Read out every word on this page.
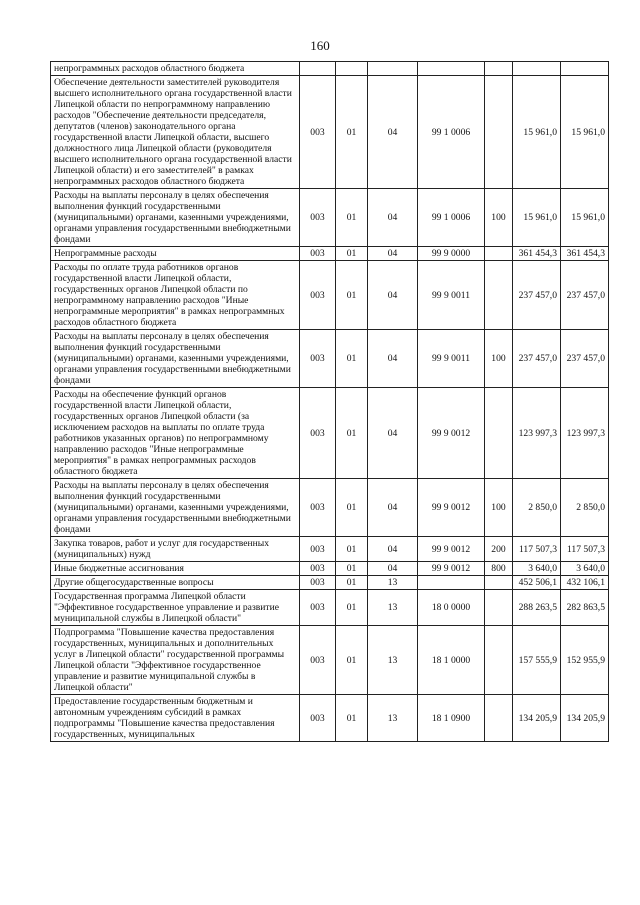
160
непрограммных расходов областного бюджета							
Обеспечение деятельности заместителей руководителя высшего исполнительного органа государственной власти Липецкой области по непрограммному направлению расходов "Обеспечение деятельности председателя, депутатов (членов) законодательного органа государственной власти Липецкой области, высшего должностного лица Липецкой области (руководителя высшего исполнительного органа государственной власти Липецкой области) и его заместителей" в рамках непрограммных расходов областного бюджета	003	01	04	99 1 0006		15 961,0	15 961,0
Расходы на выплаты персоналу в целях обеспечения выполнения функций государственными (муниципальными) органами, казенными учреждениями, органами управления государственными внебюджетными фондами	003	01	04	99 1 0006	100	15 961,0	15 961,0
Непрограммные расходы	003	01	04	99 9 0000		361 454,3	361 454,3
Расходы по оплате труда работников органов государственной власти Липецкой области, государственных органов Липецкой области по непрограммному направлению расходов "Иные непрограммные мероприятия" в рамках непрограммных расходов областного бюджета	003	01	04	99 9 0011		237 457,0	237 457,0
Расходы на выплаты персоналу в целях обеспечения выполнения функций государственными (муниципальными) органами, казенными учреждениями, органами управления государственными внебюджетными фондами	003	01	04	99 9 0011	100	237 457,0	237 457,0
Расходы на обеспечение функций органов государственной власти Липецкой области, государственных органов Липецкой области (за исключением расходов на выплаты по оплате труда работников указанных органов) по непрограммному направлению расходов "Иные непрограммные мероприятия" в рамках непрограммных расходов областного бюджета	003	01	04	99 9 0012		123 997,3	123 997,3
Расходы на выплаты персоналу в целях обеспечения выполнения функций государственными (муниципальными) органами, казенными учреждениями, органами управления государственными внебюджетными фондами	003	01	04	99 9 0012	100	2 850,0	2 850,0
Закупка товаров, работ и услуг для государственных (муниципальных) нужд	003	01	04	99 9 0012	200	117 507,3	117 507,3
Иные бюджетные ассигнования	003	01	04	99 9 0012	800	3 640,0	3 640,0
Другие общегосударственные вопросы	003	01	13			452 506,1	432 106,1
Государственная программа Липецкой области "Эффективное государственное управление и развитие муниципальной службы в Липецкой области"	003	01	13	18 0 0000		288 263,5	282 863,5
Подпрограмма "Повышение качества предоставления государственных, муниципальных и дополнительных услуг в Липецкой области" государственной программы Липецкой области "Эффективное государственное управление и развитие муниципальной службы в Липецкой области"	003	01	13	18 1 0000		157 555,9	152 955,9
Предоставление государственным бюджетным и автономным учреждениям субсидий в рамках подпрограммы "Повышение качества предоставления государственных, муниципальных	003	01	13	18 1 0900		134 205,9	134 205,9
